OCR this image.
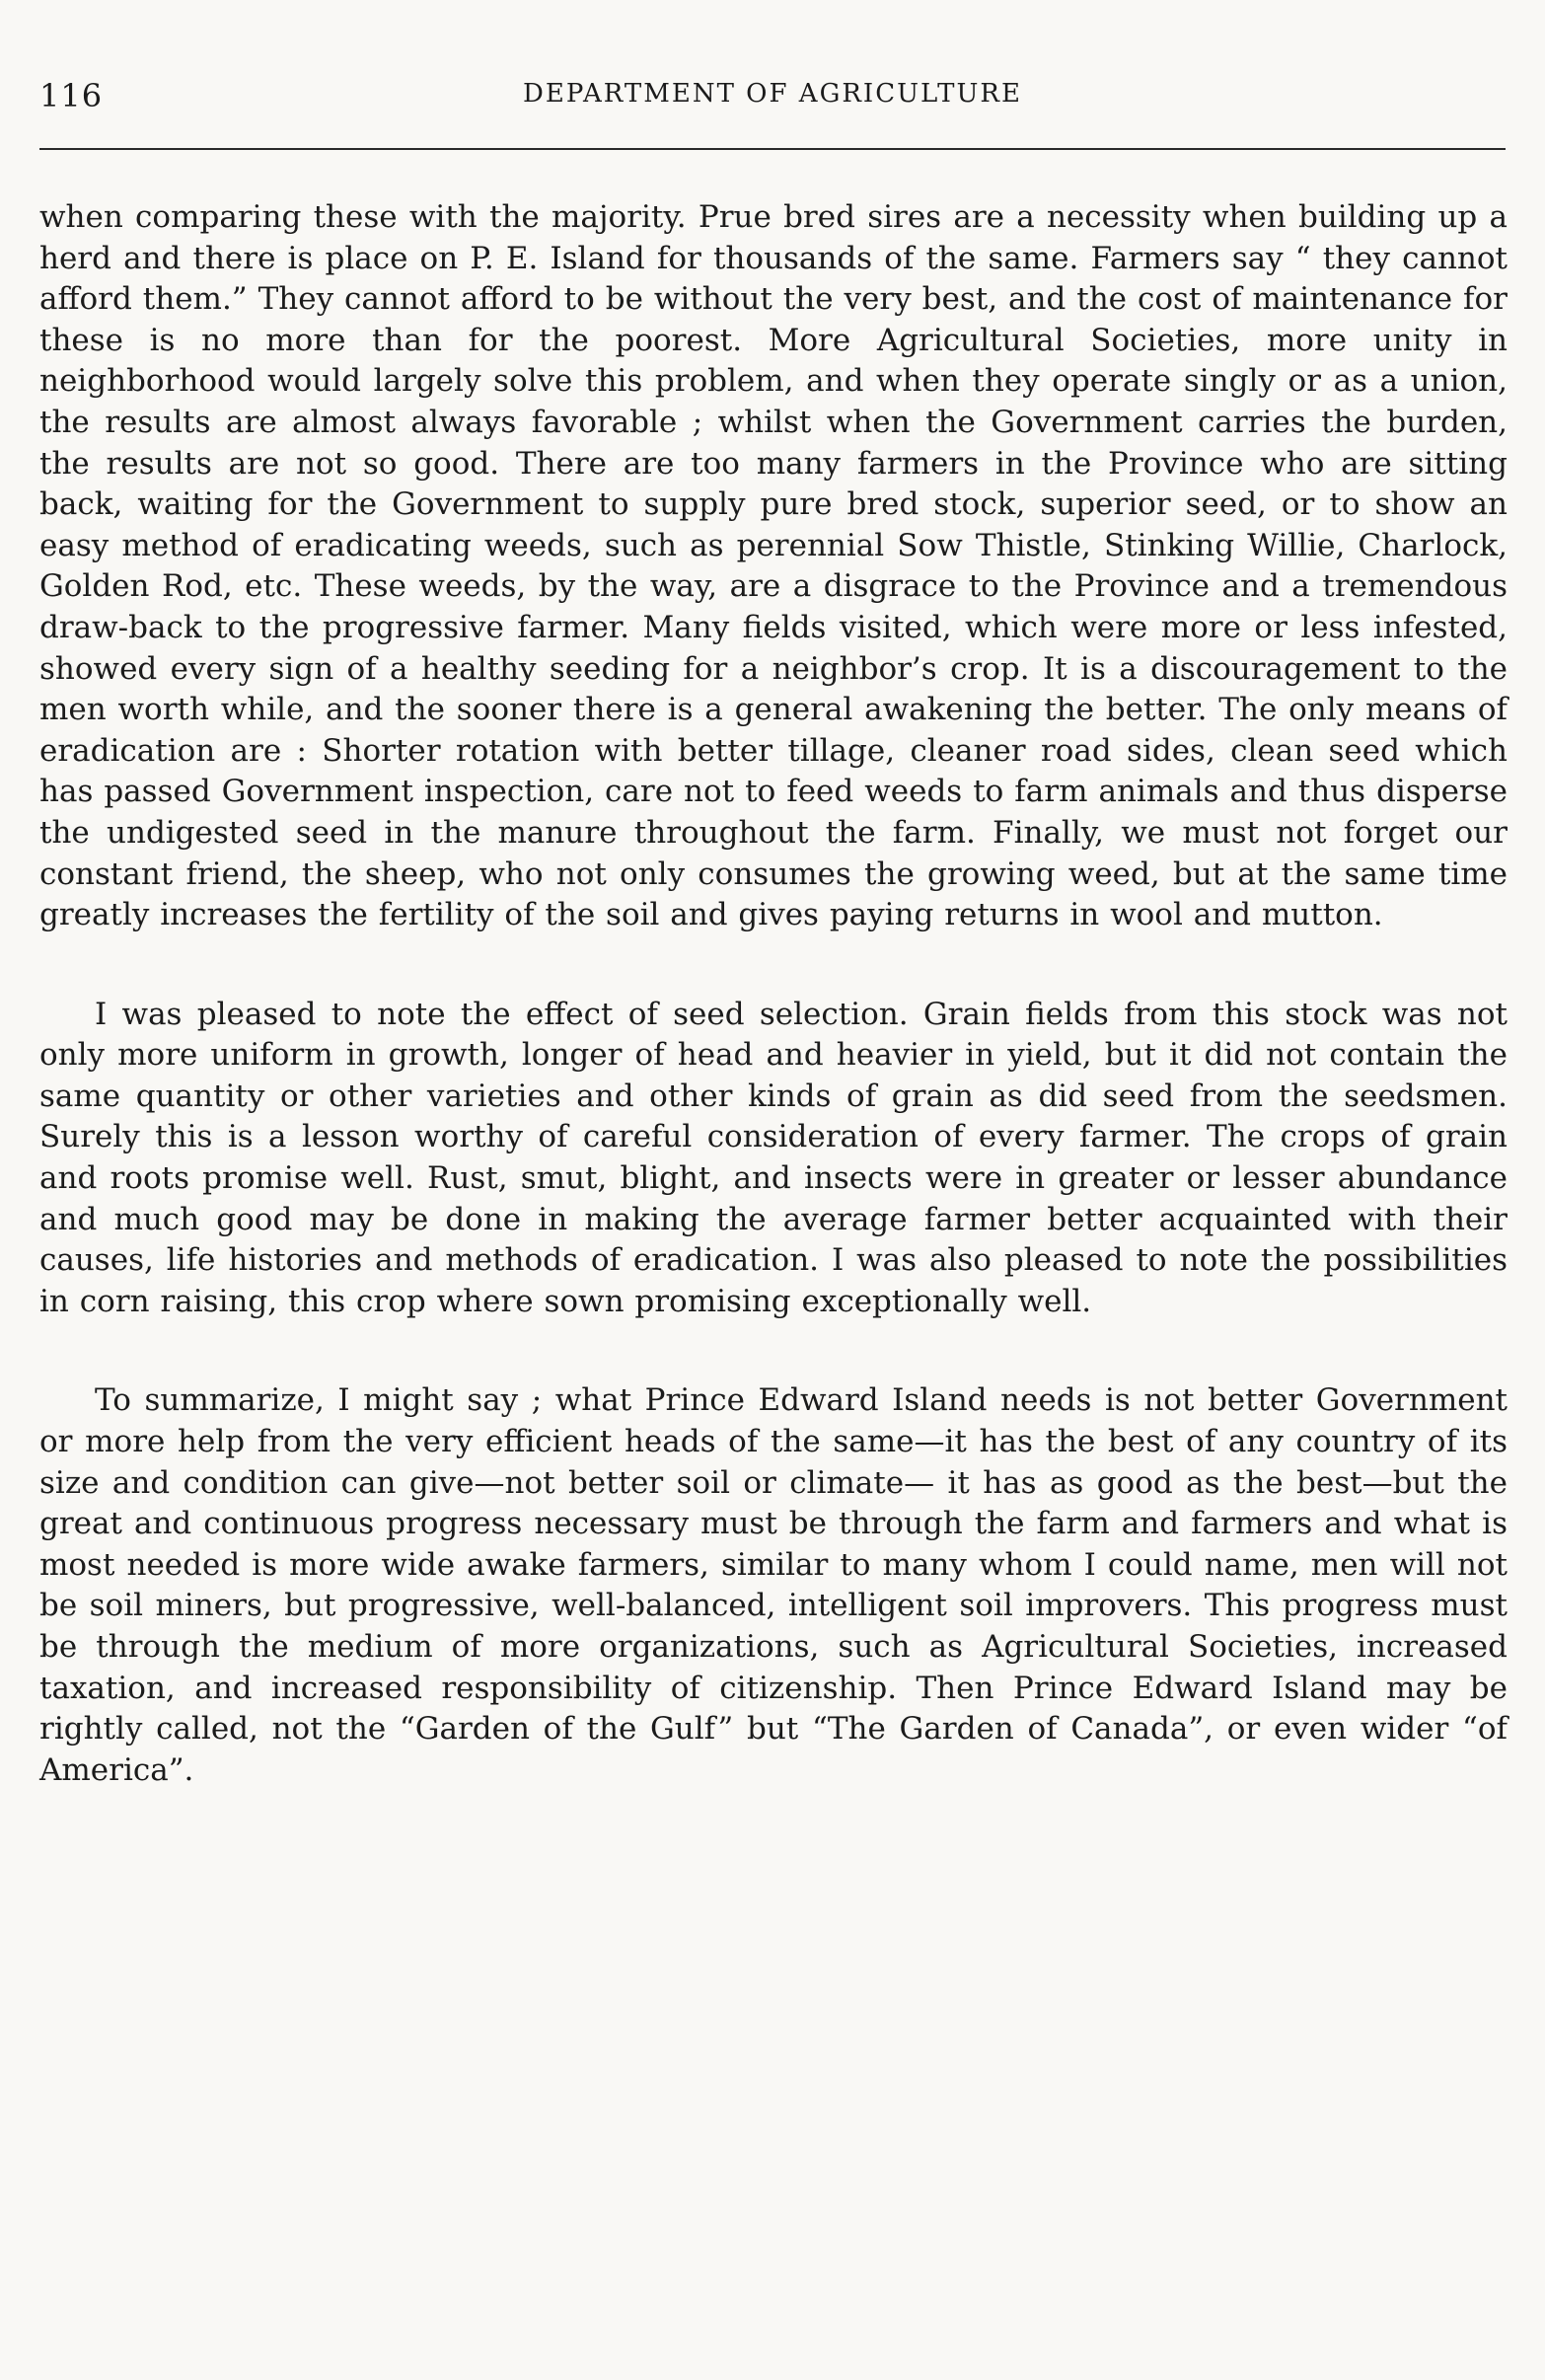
116	DEPARTMENT OF AGRICULTURE

when comparing these with the majority. Prue bred sires are a necessity when building up a herd and there is place on P. E. Island for thousands of the same. Farmers say “ they cannot afford them.” They cannot afford to be without the very best, and the cost of maintenance for these is no more than for the poorest. More Agricultural Societies, more unity in neighborhood would largely solve this problem, and when they operate singly or as a union, the results are almost always favorable ; whilst when the Government carries the burden, the results are not so good. There are too many farmers in the Province who are sitting back, waiting for the Government to supply pure bred stock, superior seed, or to show an easy method of eradicating weeds, such as perennial Sow Thistle, Stinking Willie, Charlock, Golden Rod, etc. These weeds, by the way, are a disgrace to the Province and a tremendous draw-back to the progressive farmer. Many fields visited, which were more or less infested, showed every sign of a healthy seeding for a neighbor’s crop. It is a discouragement to the men worth while, and the sooner there is a general awakening the better. The only means of eradication are : Shorter rotation with better tillage, cleaner road sides, clean seed which has passed Government inspection, care not to feed weeds to farm animals and thus disperse the undigested seed in the manure throughout the farm. Finally, we must not forget our constant friend, the sheep, who not only consumes the growing weed, but at the same time greatly increases the fertility of the soil and gives paying returns in wool and mutton.

I was pleased to note the effect of seed selection. Grain fields from this stock was not only more uniform in growth, longer of head and heavier in yield, but it did not contain the same quantity or other varieties and other kinds of grain as did seed from the seedsmen. Surely this is a lesson worthy of careful consideration of every farmer. The crops of grain and roots promise well. Rust, smut, blight, and insects were in greater or lesser abundance and much good may be done in making the average farmer better acquainted with their causes, life histories and methods of eradication. I was also pleased to note the possibilities in corn raising, this crop where sown promising exceptionally well.

To summarize, I might say ; what Prince Edward Island needs is not better Government or more help from the very efficient heads of the same—it has the best of any country of its size and condition can give—not better soil or climate— it has as good as the best—but the great and continuous progress necessary must be through the farm and farmers and what is most needed is more wide awake farmers, similar to many whom I could name, men will not be soil miners, but progressive, well-balanced, intelligent soil improvers. This progress must be through the medium of more organizations, such as Agricultural Societies, increased taxation, and increased responsibility of citizenship. Then Prince Edward Island may be rightly called, not the “Garden of the Gulf” but “The Garden of Canada”, or even wider “of America”.
